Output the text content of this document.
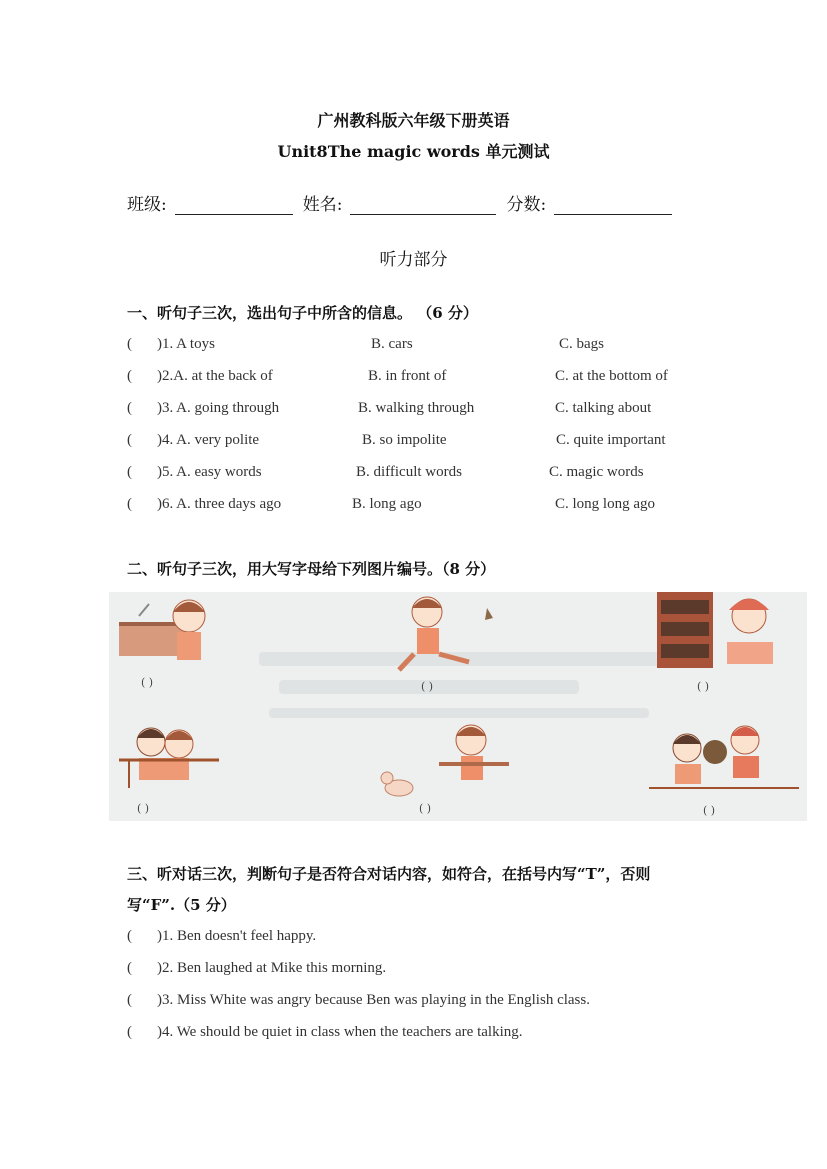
广州教科版六年级下册英语
Unit8The magic words 单元测试
班级:	姓名:	分数:
听力部分
一、听句子三次，选出句子中所含的信息。 （6 分）
( )1. A toys	B. cars	C. bags
( )2.A. at the back of	B. in front of	C. at the bottom of
( )3. A. going through	B. walking through	C. talking about
( )4. A. very polite	B. so impolite	C. quite important
( )5. A. easy words	B. difficult words	C. magic words
( )6. A. three days ago	B. long ago	C. long long ago
二、听句子三次，用大写字母给下列图片编号。（8 分）
( )	( )	( )
( )	( )	( )
三、听对话三次，判断句子是否符合对话内容，如符合，在括号内写“T”，否则
写“F”.（5 分）
( )1. Ben doesn't feel happy.
( )2. Ben laughed at Mike this morning.
( )3. Miss White was angry because Ben was playing in the English class.
( )4. We should be quiet in class when the teachers are talking.
